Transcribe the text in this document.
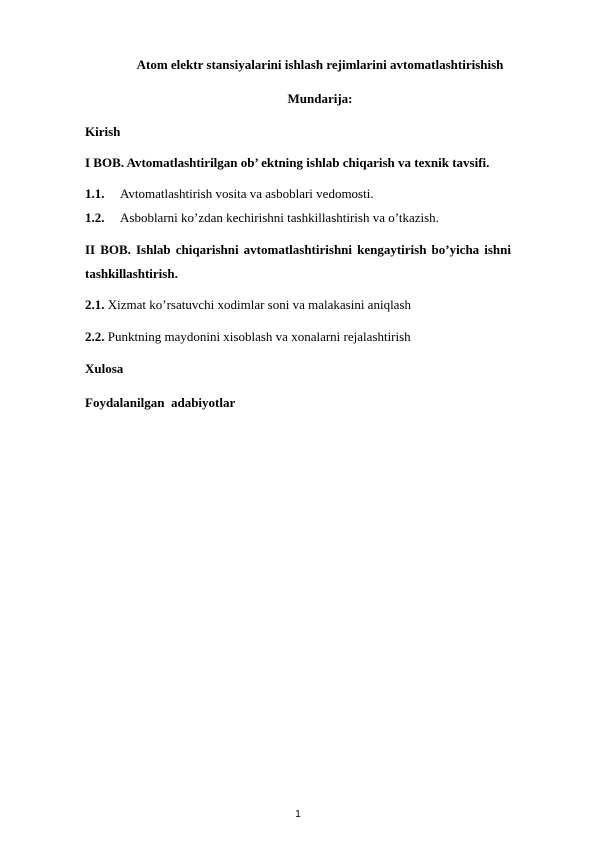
Atom elektr stansiyalarini ishlash rejimlarini avtomatlashtirishish
Mundarija:
Kirish
I BOB. Avtomatlashtirilgan ob’ ektning ishlab chiqarish va texnik tavsifi.
1.1. Avtomatlashtirish vosita va asboblari vedomosti.
1.2. Asboblarni ko’zdan kechirishni tashkillashtirish va o’tkazish.
II BOB. Ishlab chiqarishni avtomatlashtirishni kengaytirish bo’yicha ishni
tashkillashtirish.
2.1. Xizmat ko’rsatuvchi xodimlar soni va malakasini aniqlash
2.2. Punktning maydonini xisoblash va xonalarni rejalashtirish
Xulosa
Foydalanilgan  adabiyotlar
1
